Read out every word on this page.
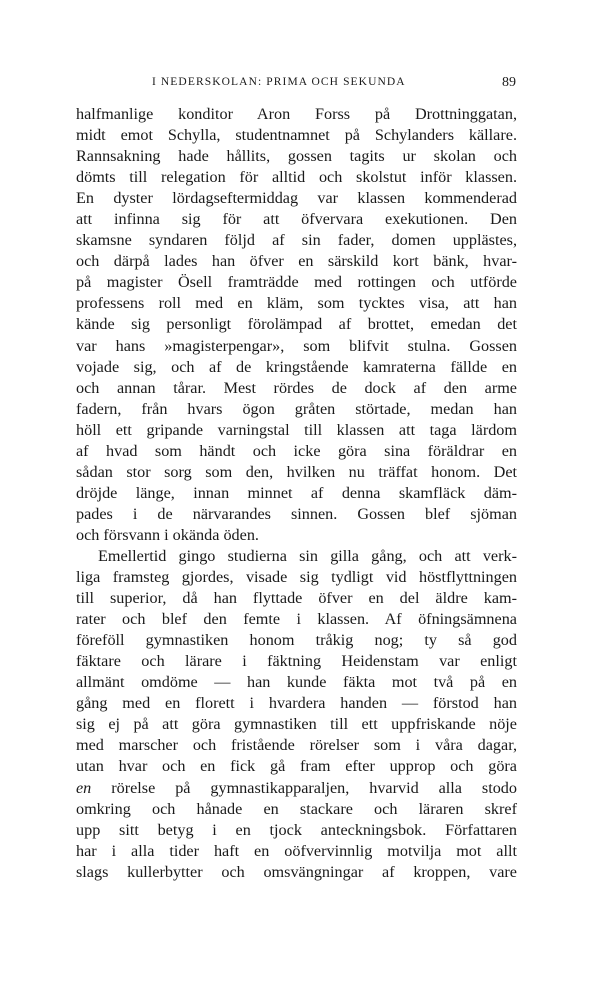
I NEDERSKOLAN: PRIMA OCH SEKUNDA	89
halfmanlige konditor Aron Forss på Drottninggatan,
midt emot Schylla, studentnamnet på Schylanders källare.
Rannsakning hade hållits, gossen tagits ur skolan och
dömts till relegation för alltid och skolstut inför klassen.
En dyster lördagseftermiddag var klassen kommenderad
att infinna sig för att öfvervara exekutionen. Den
skamsne syndaren följd af sin fader, domen upplästes,
och därpå lades han öfver en särskild kort bänk, hvar-
på magister Ösell framträdde med rottingen och utförde
professens roll med en kläm, som tycktes visa, att han
kände sig personligt förolämpad af brottet, emedan det
var hans »magisterpengar», som blifvit stulna. Gossen
vojade sig, och af de kringstående kamraterna fällde en
och annan tårar. Mest rördes de dock af den arme
fadern, från hvars ögon gråten störtade, medan han
höll ett gripande varningstal till klassen att taga lärdom
af hvad som händt och icke göra sina föräldrar en
sådan stor sorg som den, hvilken nu träffat honom. Det
dröjde länge, innan minnet af denna skamfläck däm-
pades i de närvarandes sinnen. Gossen blef sjöman
och försvann i okända öden.
Emellertid gingo studierna sin gilla gång, och att verk-
liga framsteg gjordes, visade sig tydligt vid höstflyttningen
till superior, då han flyttade öfver en del äldre kam-
rater och blef den femte i klassen. Af öfningsämnena
föreföll gymnastiken honom tråkig nog; ty så god
fäktare och lärare i fäktning Heidenstam var enligt
allmänt omdöme — han kunde fäkta mot två på en
gång med en florett i hvardera handen — förstod han
sig ej på att göra gymnastiken till ett uppfriskande nöje
med marscher och fristående rörelser som i våra dagar,
utan hvar och en fick gå fram efter upprop och göra
en rörelse på gymnastikapparaljen, hvarvid alla stodo
omkring och hånade en stackare och läraren skref
upp sitt betyg i en tjock anteckningsbok. Författaren
har i alla tider haft en oöfvervinnlig motvilja mot allt
slags kullerbytter och omsvängningar af kroppen, vare
